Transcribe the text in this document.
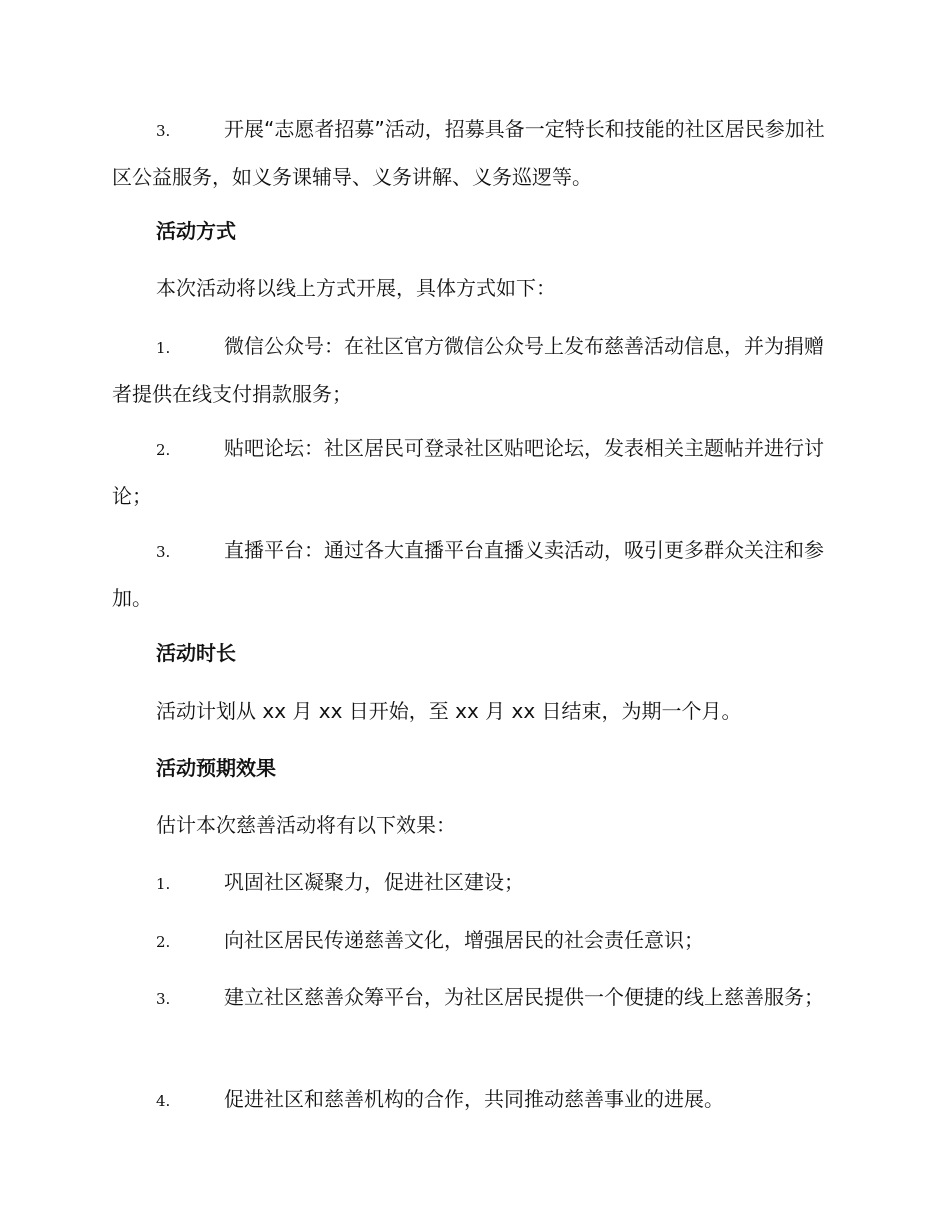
3.	开展“志愿者招募”活动，招募具备一定特长和技能的社区居民参加社区公益服务，如义务课辅导、义务讲解、义务巡逻等。

活动方式

本次活动将以线上方式开展，具体方式如下：

1.	微信公众号：在社区官方微信公众号上发布慈善活动信息，并为捐赠者提供在线支付捐款服务；

2.	贴吧论坛：社区居民可登录社区贴吧论坛，发表相关主题帖并进行讨论；

3.	直播平台：通过各大直播平台直播义卖活动，吸引更多群众关注和参加。

活动时长

活动计划从 xx 月 xx 日开始，至 xx 月 xx 日结束，为期一个月。

活动预期效果

估计本次慈善活动将有以下效果：

1.	巩固社区凝聚力，促进社区建设；

2.	向社区居民传递慈善文化，增强居民的社会责任意识；

3.	建立社区慈善众筹平台，为社区居民提供一个便捷的线上慈善服务；

4.	促进社区和慈善机构的合作，共同推动慈善事业的进展。
